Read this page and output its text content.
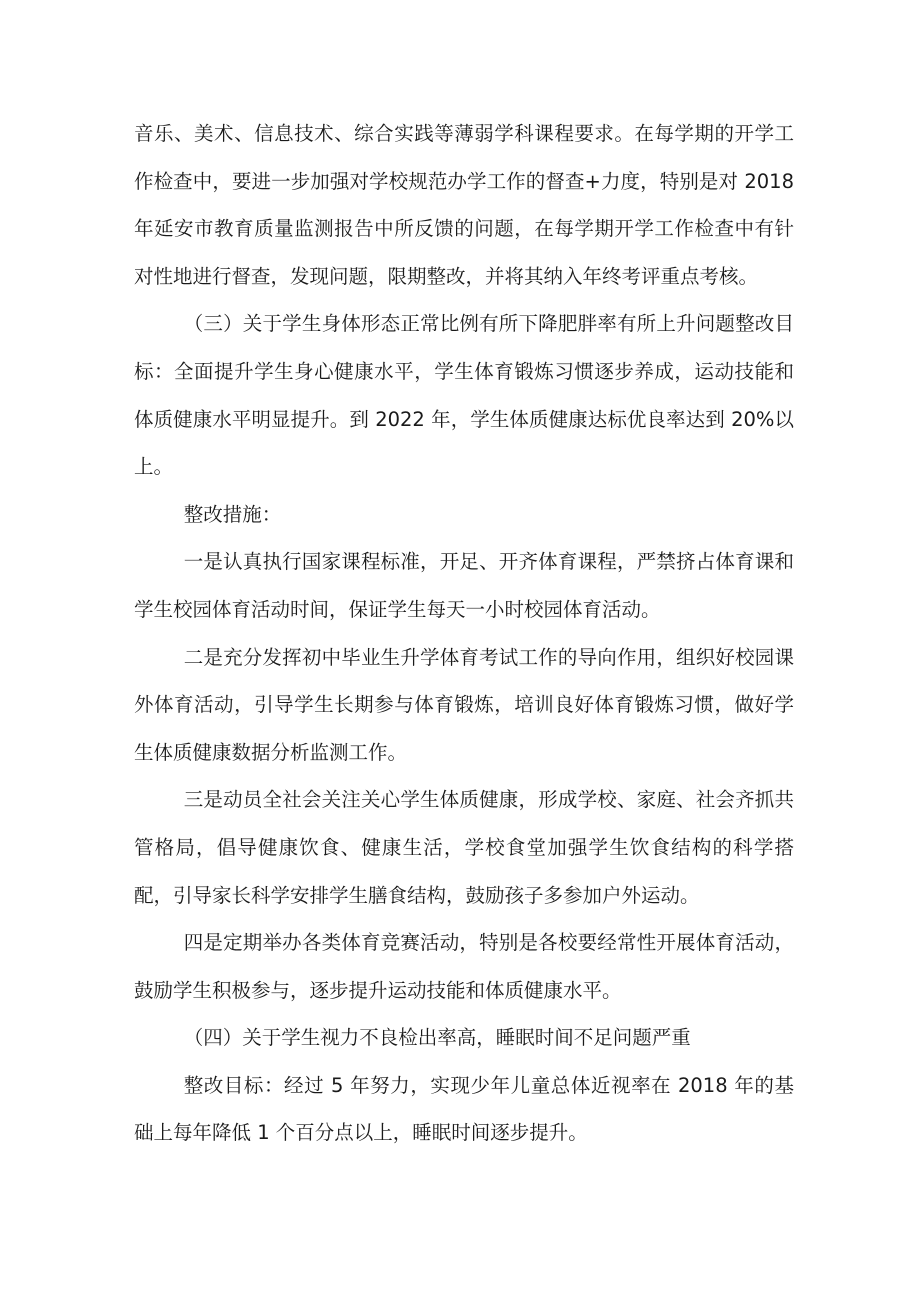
音乐、美术、信息技术、综合实践等薄弱学科课程要求。在每学期的开学工作检查中，要进一步加强对学校规范办学工作的督查+力度，特别是对 2018 年延安市教育质量监测报告中所反馈的问题，在每学期开学工作检查中有针对性地进行督查，发现问题，限期整改，并将其纳入年终考评重点考核。

（三）关于学生身体形态正常比例有所下降肥胖率有所上升问题整改目标：全面提升学生身心健康水平，学生体育锻炼习惯逐步养成，运动技能和体质健康水平明显提升。到 2022 年，学生体质健康达标优良率达到 20%以上。

整改措施：

一是认真执行国家课程标准，开足、开齐体育课程，严禁挤占体育课和学生校园体育活动时间，保证学生每天一小时校园体育活动。

二是充分发挥初中毕业生升学体育考试工作的导向作用，组织好校园课外体育活动，引导学生长期参与体育锻炼，培训良好体育锻炼习惯，做好学生体质健康数据分析监测工作。

三是动员全社会关注关心学生体质健康，形成学校、家庭、社会齐抓共管格局，倡导健康饮食、健康生活，学校食堂加强学生饮食结构的科学搭配，引导家长科学安排学生膳食结构，鼓励孩子多参加户外运动。

四是定期举办各类体育竞赛活动，特别是各校要经常性开展体育活动，鼓励学生积极参与，逐步提升运动技能和体质健康水平。

（四）关于学生视力不良检出率高，睡眠时间不足问题严重

整改目标：经过 5 年努力，实现少年儿童总体近视率在 2018 年的基础上每年降低 1 个百分点以上，睡眠时间逐步提升。
